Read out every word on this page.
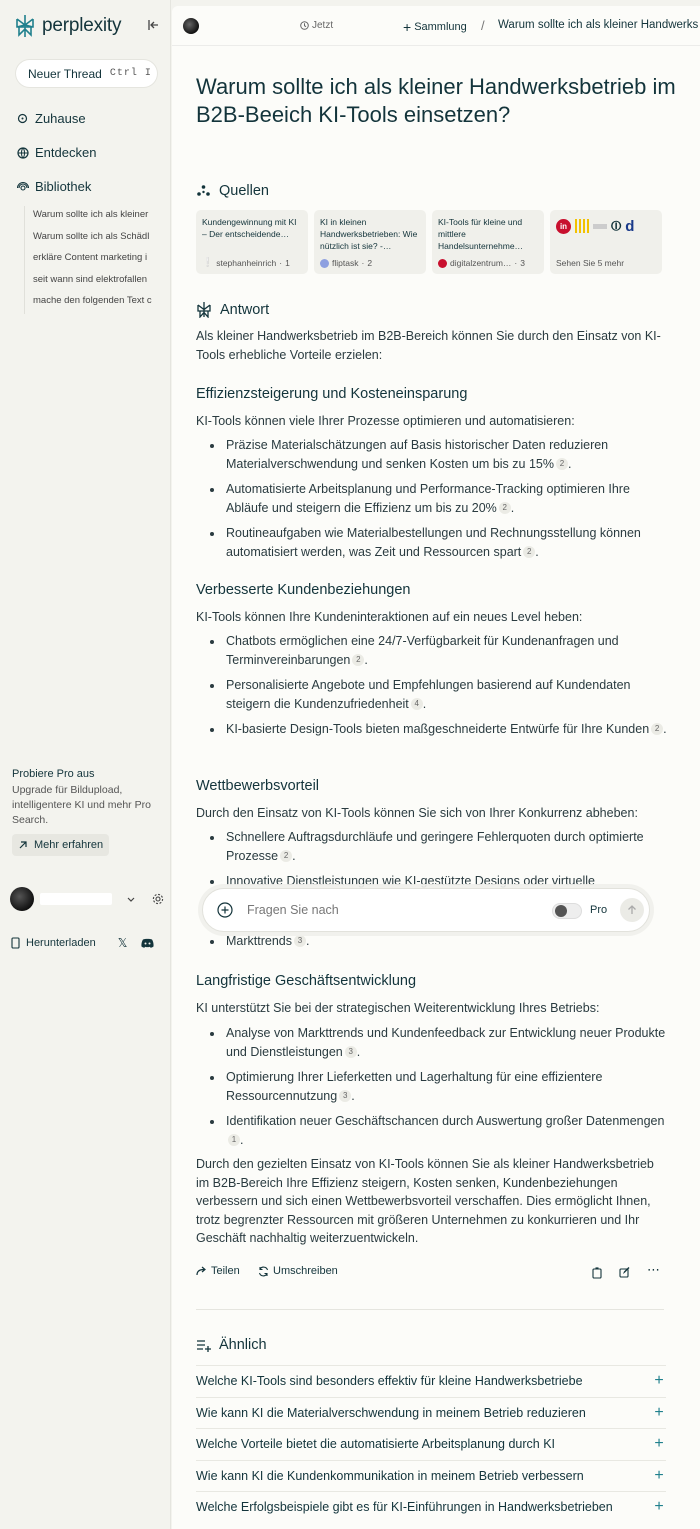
perplexity
Neuer Thread Ctrl I
Zuhause
Entdecken
Bibliothek
Warum sollte ich als kleiner
Warum sollte ich als Schädl
erkläre Content marketing i
seit wann sind elektrofallen
mache den folgenden Text c
Probiere Pro aus
Upgrade für Bildupload, intelligentere KI und mehr Pro Search.
Mehr erfahren
Herunterladen 𝕏
Jetzt	+ Sammlung / Warum sollte ich als kleiner Handwerks
Warum sollte ich als kleiner Handwerksbetrieb im B2B-Beeich KI-Tools einsetzen?
Quellen
Kundengewinnung mit KI – Der entscheidende…
❕ stephanheinrich · 1
KI in kleinen Handwerksbetrieben: Wie nützlich ist sie? -…
fliptask · 2
KI-Tools für kleine und mittlere Handelsunternehme…
digitalzentrum… · 3
in	⏼ d
Sehen Sie 5 mehr
Antwort

Als kleiner Handwerksbetrieb im B2B-Bereich können Sie durch den Einsatz von KI-Tools erhebliche Vorteile erzielen:

Effizienzsteigerung und Kosteneinsparung

KI-Tools können viele Ihrer Prozesse optimieren und automatisieren:

Präzise Materialschätzungen auf Basis historischer Daten reduzieren Materialverschwendung und senken Kosten um bis zu 15% 2 .
Automatisierte Arbeitsplanung und Performance-Tracking optimieren Ihre Abläufe und steigern die Effizienz um bis zu 20% 2 .
Routineaufgaben wie Materialbestellungen und Rechnungsstellung können automatisiert werden, was Zeit und Ressourcen spart 2 .
Verbesserte Kundenbeziehungen

KI-Tools können Ihre Kundeninteraktionen auf ein neues Level heben:

Chatbots ermöglichen eine 24/7-Verfügbarkeit für Kundenanfragen und Terminvereinbarungen 2 .
Personalisierte Angebote und Empfehlungen basierend auf Kundendaten steigern die Kundenzufriedenheit 4 .
KI-basierte Design-Tools bieten maßgeschneiderte Entwürfe für Ihre Kunden 2 .
Wettbewerbsvorteil

Durch den Einsatz von KI-Tools können Sie sich von Ihrer Konkurrenz abheben:

Schnellere Auftragsdurchläufe und geringere Fehlerquoten durch optimierte Prozesse 2 .
Innovative Dienstleistungen wie KI-gestützte Designs oder virtuelle
Markttrends 3 .
Langfristige Geschäftsentwicklung

KI unterstützt Sie bei der strategischen Weiterentwicklung Ihres Betriebs:

Analyse von Markttrends und Kundenfeedback zur Entwicklung neuer Produkte und Dienstleistungen 3 .
Optimierung Ihrer Lieferketten und Lagerhaltung für eine effizientere Ressourcennutzung 3 .
Identifikation neuer Geschäftschancen durch Auswertung großer Datenmengen1 .

Durch den gezielten Einsatz von KI-Tools können Sie als kleiner Handwerksbetrieb im B2B-Bereich Ihre Effizienz steigern, Kosten senken, Kundenbeziehungen verbessern und sich einen Wettbewerbsvorteil verschaffen. Dies ermöglicht Ihnen, trotz begrenzter Ressourcen mit größeren Unternehmen zu konkurrieren und Ihr Geschäft nachhaltig weiterzuentwickeln.

Teilen	Umschreiben	⋯
Ähnlich
Welche KI-Tools sind besonders effektiv für kleine Handwerksbetriebe	+
Wie kann KI die Materialverschwendung in meinem Betrieb reduzieren	+
Welche Vorteile bietet die automatisierte Arbeitsplanung durch KI	+
Wie kann KI die Kundenkommunikation in meinem Betrieb verbessern	+
Welche Erfolgsbeispiele gibt es für KI-Einführungen in Handwerksbetrieben	+
Fragen Sie nach	Pro
